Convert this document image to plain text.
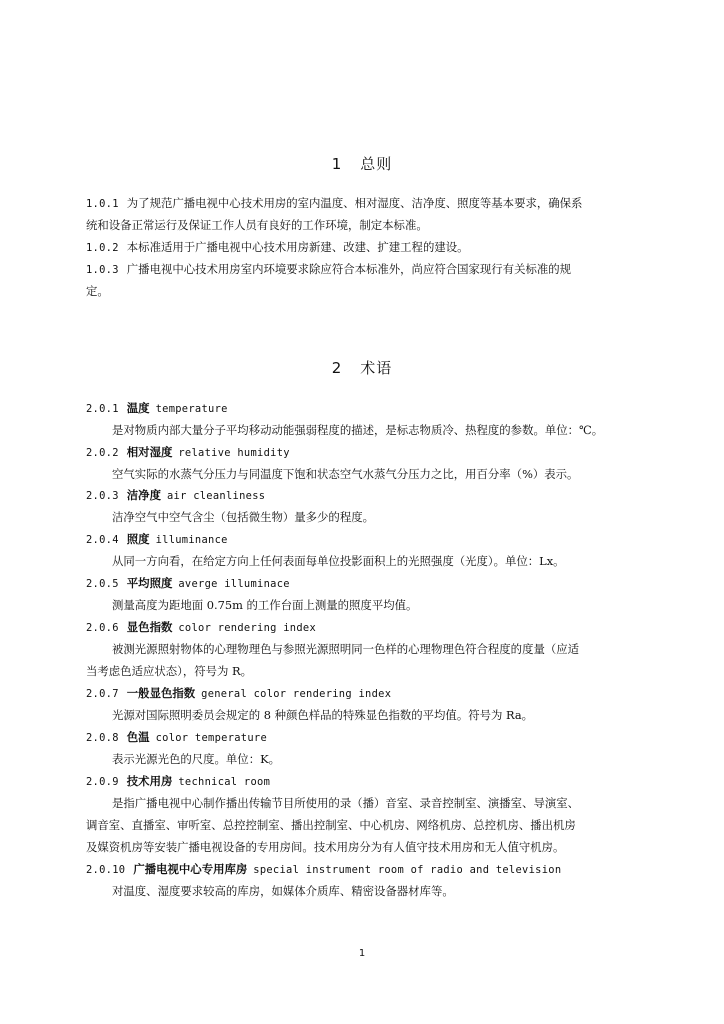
1 总则
1.0.1 为了规范广播电视中心技术用房的室内温度、相对湿度、洁净度、照度等基本要求，确保系
统和设备正常运行及保证工作人员有良好的工作环境，制定本标准。
1.0.2 本标准适用于广播电视中心技术用房新建、改建、扩建工程的建设。
1.0.3 广播电视中心技术用房室内环境要求除应符合本标准外，尚应符合国家现行有关标准的规
定。
2 术语
2.0.1 温度 temperature
是对物质内部大量分子平均移动动能强弱程度的描述，是标志物质冷、热程度的参数。单位：℃。
2.0.2 相对湿度 relative humidity
空气实际的水蒸气分压力与同温度下饱和状态空气水蒸气分压力之比，用百分率（%）表示。
2.0.3 洁净度 air cleanliness
洁净空气中空气含尘（包括微生物）量多少的程度。
2.0.4 照度 illuminance
从同一方向看，在给定方向上任何表面每单位投影面积上的光照强度（光度）。单位：Lx。
2.0.5 平均照度 averge illuminace
测量高度为距地面 0.75m 的工作台面上测量的照度平均值。
2.0.6 显色指数 color rendering index
被测光源照射物体的心理物理色与参照光源照明同一色样的心理物理色符合程度的度量（应适
当考虑色适应状态），符号为 R。
2.0.7 一般显色指数 general color rendering index
光源对国际照明委员会规定的 8 种颜色样品的特殊显色指数的平均值。符号为 Ra。
2.0.8 色温 color temperature
表示光源光色的尺度。单位：K。
2.0.9 技术用房 technical room
是指广播电视中心制作播出传输节目所使用的录（播）音室、录音控制室、演播室、导演室、
调音室、直播室、审听室、总控控制室、播出控制室、中心机房、网络机房、总控机房、播出机房
及媒资机房等安装广播电视设备的专用房间。技术用房分为有人值守技术用房和无人值守机房。
2.0.10 广播电视中心专用库房 special instrument room of radio and television
对温度、湿度要求较高的库房，如媒体介质库、精密设备器材库等。
1
